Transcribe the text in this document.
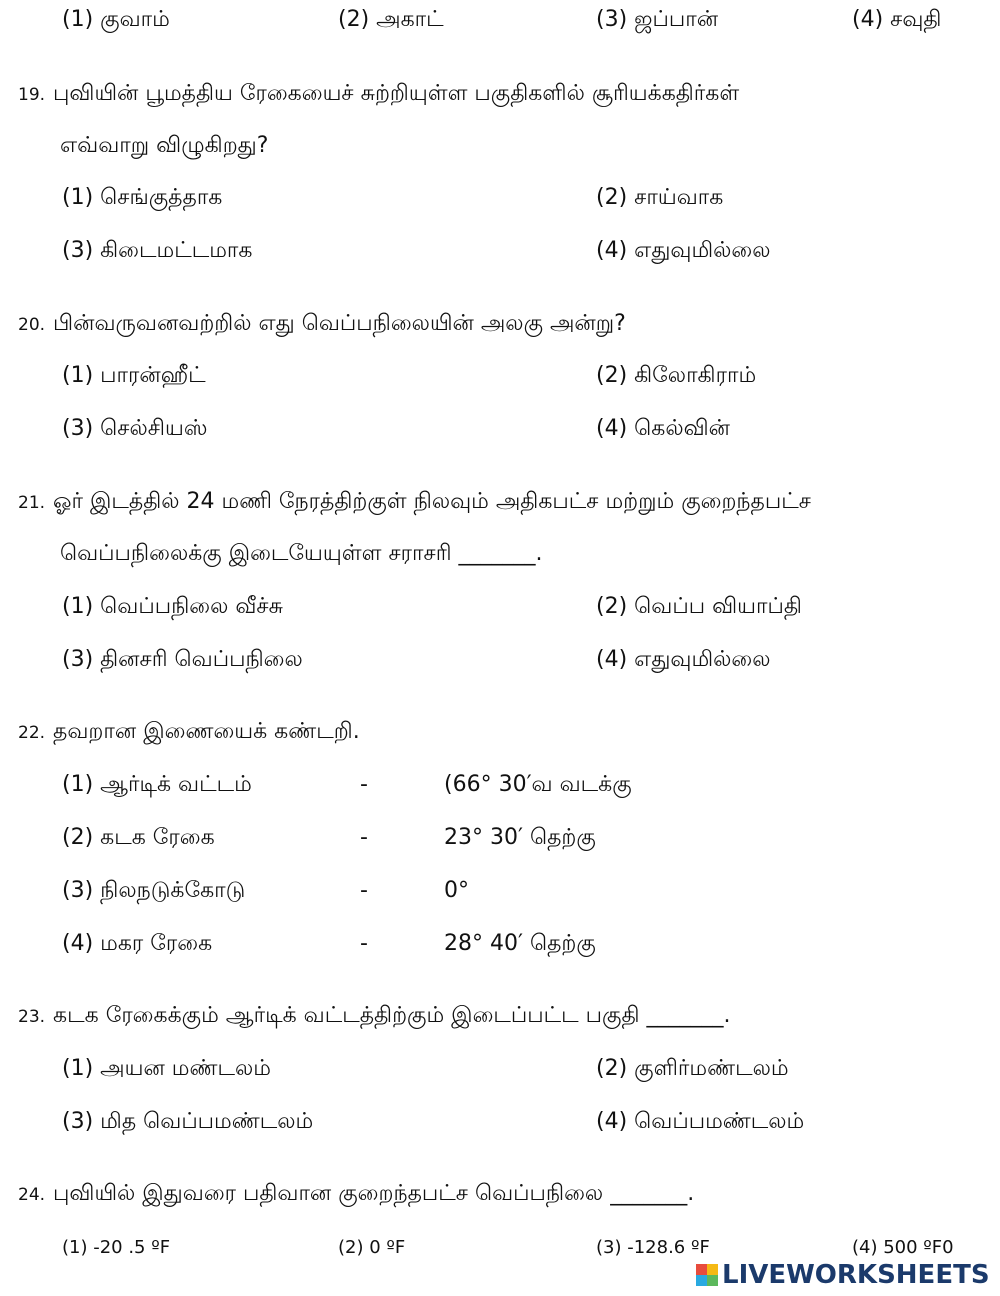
(1) குவாம்	(2) அகாட்	(3) ஜப்பான்	(4) சவுதி
19. புவியின் பூமத்திய ரேகையைச் சுற்றியுள்ள பகுதிகளில் சூரியக்கதிர்கள்
எவ்வாறு விழுகிறது?
(1) செங்குத்தாக	(2) சாய்வாக
(3) கிடைமட்டமாக	(4) எதுவுமில்லை
20. பின்வருவனவற்றில் எது வெப்பநிலையின் அலகு அன்று?
(1) பாரன்ஹீட்	(2) கிலோகிராம்
(3) செல்சியஸ்	(4) கெல்வின்
21. ஓர் இடத்தில் 24 மணி நேரத்திற்குள் நிலவும் அதிகபட்ச மற்றும் குறைந்தபட்ச
வெப்பநிலைக்கு இடையேயுள்ள சராசரி _______.
(1) வெப்பநிலை வீச்சு	(2) வெப்ப வியாப்தி
(3) தினசரி வெப்பநிலை	(4) எதுவுமில்லை
22. தவறான இணையைக் கண்டறி.
(1) ஆர்டிக் வட்டம்	-	(66° 30′வ வடக்கு
(2) கடக ரேகை	-	23° 30′ தெற்கு
(3) நிலநடுக்கோடு	-	0°
(4) மகர ரேகை	-	28° 40′ தெற்கு
23. கடக ரேகைக்கும் ஆர்டிக் வட்டத்திற்கும் இடைப்பட்ட பகுதி _______.
(1) அயன மண்டலம்	(2) குளிர்மண்டலம்
(3) மித வெப்பமண்டலம்	(4) வெப்பமண்டலம்
24. புவியில் இதுவரை பதிவான குறைந்தபட்ச வெப்பநிலை _______.
(1) -20 .5 ºF	(2) 0 ºF	(3) -128.6 ºF	(4) 500 ºF0
LIVEWORKSHEETS
